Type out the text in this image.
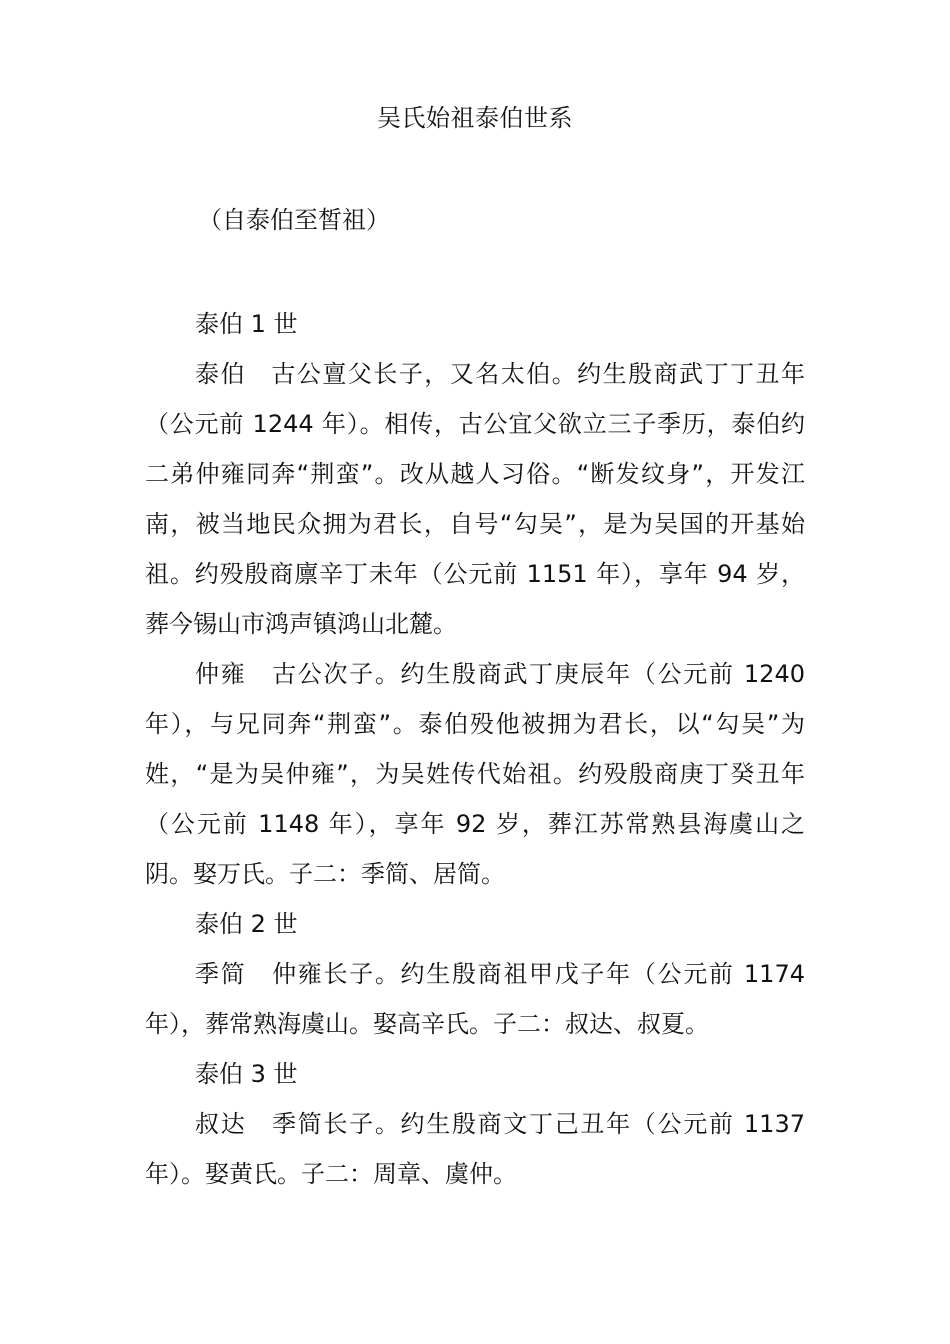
吴氏始祖泰伯世系
（自泰伯至皙祖）

泰伯 1 世

泰伯　古公亶父长子，又名太伯。约生殷商武丁丁丑年（公元前 1244 年）。相传，古公宜父欲立三子季历，泰伯约二弟仲雍同奔“荆蛮”。改从越人习俗。“断发纹身”，开发江南，被当地民众拥为君长，自号“勾吴”，是为吴国的开基始祖。约殁殷商廪辛丁未年（公元前 1151 年），享年 94 岁，葬今锡山市鸿声镇鸿山北麓。

仲雍　古公次子。约生殷商武丁庚辰年（公元前 1240 年），与兄同奔“荆蛮”。泰伯殁他被拥为君长，以“勾吴”为姓，“是为吴仲雍”，为吴姓传代始祖。约殁殷商庚丁癸丑年（公元前 1148 年），享年 92 岁，葬江苏常熟县海虞山之阴。娶万氏。子二：季简、居简。

泰伯 2 世

季简　仲雍长子。约生殷商祖甲戊子年（公元前 1174 年），葬常熟海虞山。娶高辛氏。子二：叔达、叔夏。

泰伯 3 世

叔达　季简长子。约生殷商文丁己丑年（公元前 1137 年）。娶黄氏。子二：周章、虞仲。
